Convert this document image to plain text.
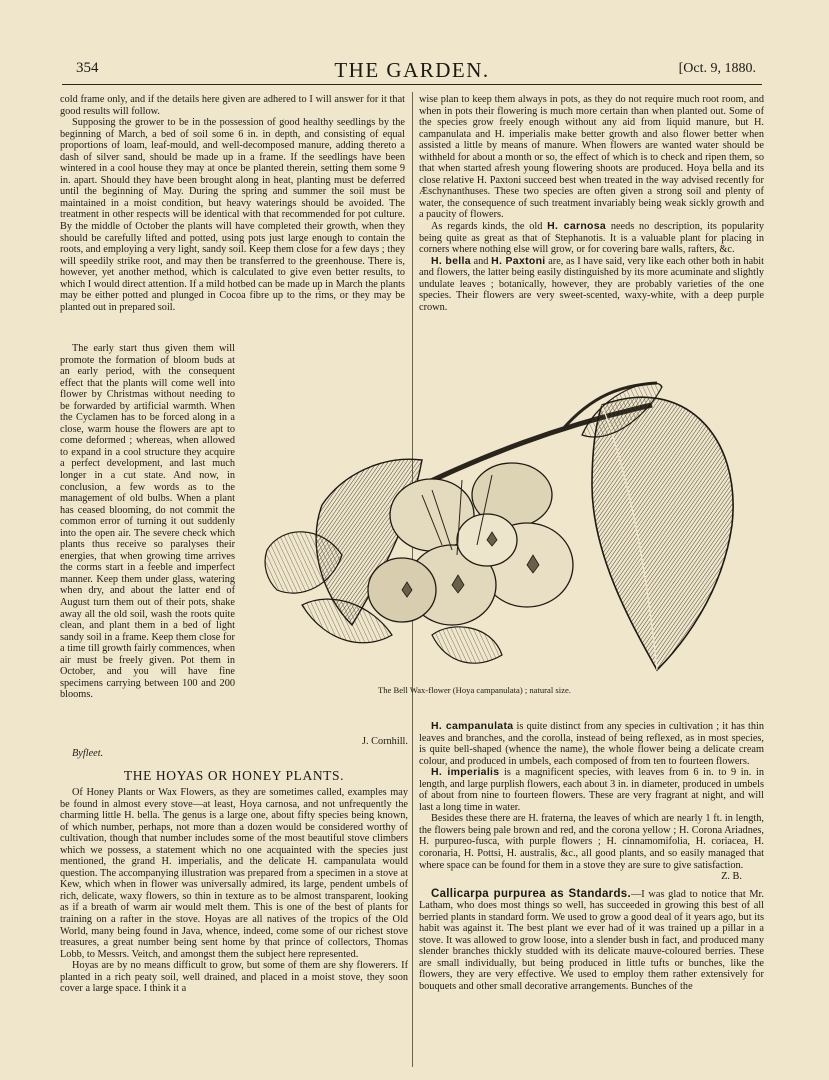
354	THE GARDEN.	[Oct. 9, 1880.

cold frame only, and if the details here given are adhered to I will answer for it that good results will follow.

Supposing the grower to be in the possession of good healthy seedlings by the beginning of March, a bed of soil some 6 in. in depth, and consisting of equal proportions of loam, leaf-mould, and well-decomposed manure, adding thereto a dash of silver sand, should be made up in a frame. If the seedlings have been wintered in a cool house they may at once be planted therein, setting them some 9 in. apart. Should they have been brought along in heat, planting must be deferred until the beginning of May. During the spring and summer the soil must be maintained in a moist condition, but heavy waterings should be avoided. The treatment in other respects will be identical with that recommended for pot culture. By the middle of October the plants will have completed their growth, when they should be carefully lifted and potted, using pots just large enough to contain the roots, and employing a very light, sandy soil. Keep them close for a few days ; they will speedily strike root, and may then be transferred to the greenhouse. There is, however, yet another method, which is calculated to give even better results, to which I would direct attention. If a mild hotbed can be made up in March the plants may be either potted and plunged in Cocoa fibre up to the rims, or they may be planted out in prepared soil.

The early start thus given them will promote the formation of bloom buds at an early period, with the consequent effect that the plants will come well into flower by Christmas without needing to be forwarded by artificial warmth. When the Cyclamen has to be forced along in a close, warm house the flowers are apt to come deformed ; whereas, when allowed to expand in a cool structure they acquire a perfect development, and last much longer in a cut state. And now, in conclusion, a few words as to the management of old bulbs. When a plant has ceased blooming, do not commit the common error of turning it out suddenly into the open air. The severe check which plants thus receive so paralyses their energies, that when growing time arrives the corms start in a feeble and imperfect manner. Keep them under glass, watering when dry, and about the latter end of August turn them out of their pots, shake away all the old soil, wash the roots quite clean, and plant them in a bed of light sandy soil in a frame. Keep them close for a time till growth fairly commences, when air must be freely given. Pot them in October, and you will have fine specimens carrying between 100 and 200 blooms.

J. Cornhill.
Byfleet.
THE HOYAS OR HONEY PLANTS.

Of Honey Plants or Wax Flowers, as they are sometimes called, examples may be found in almost every stove—at least, Hoya carnosa, and not unfrequently the charming little H. bella. The genus is a large one, about fifty species being known, of which number, perhaps, not more than a dozen would be considered worthy of cultivation, though that number includes some of the most beautiful stove climbers which we possess, a statement which no one acquainted with the species just mentioned, the grand H. imperialis, and the delicate H. campanulata would question. The accompanying illustration was prepared from a specimen in a stove at Kew, which when in flower was universally admired, its large, pendent umbels of rich, delicate, waxy flowers, so thin in texture as to be almost transparent, looking as if a breath of warm air would melt them. This is one of the best of plants for training on a rafter in the stove. Hoyas are all natives of the tropics of the Old World, many being found in Java, whence, indeed, come some of our richest stove treasures, a great number being sent home by that prince of collectors, Thomas Lobb, to Messrs. Veitch, and amongst them the subject here represented.

Hoyas are by no means difficult to grow, but some of them are shy flowerers. If planted in a rich peaty soil, well drained, and placed in a moist stove, they soon cover a large space. I think it a

wise plan to keep them always in pots, as they do not require much root room, and when in pots their flowering is much more certain than when planted out. Some of the species grow freely enough without any aid from liquid manure, but H. campanulata and H. imperialis make better growth and also flower better when assisted a little by means of manure. When flowers are wanted water should be withheld for about a month or so, the effect of which is to check and ripen them, so that when started afresh young flowering shoots are produced. Hoya bella and its close relative H. Paxtoni succeed best when treated in the way advised recently for Æschynanthuses. These two species are often given a strong soil and plenty of water, the consequence of such treatment invariably being weak sickly growth and a paucity of flowers.

As regards kinds, the old H. carnosa needs no description, its popularity being quite as great as that of Stephanotis. It is a valuable plant for placing in corners where nothing else will grow, or for covering bare walls, rafters, &c.

H. bella and H. Paxtoni are, as I have said, very like each other both in habit and flowers, the latter being easily distinguished by its more acuminate and slightly undulate leaves ; botanically, however, they are probably varieties of the one species. Their flowers are very sweet-scented, waxy-white, with a deep purple crown.

The Bell Wax-flower (Hoya campanulata) ; natural size.

H. campanulata is quite distinct from any species in cultivation ; it has thin leaves and branches, and the corolla, instead of being reflexed, as in most species, is quite bell-shaped (whence the name), the whole flower being a delicate cream colour, and produced in umbels, each composed of from ten to fourteen flowers.

H. imperialis is a magnificent species, with leaves from 6 in. to 9 in. in length, and large purplish flowers, each about 3 in. in diameter, produced in umbels of about from nine to fourteen flowers. These are very fragrant at night, and will last a long time in water.

Besides these there are H. fraterna, the leaves of which are nearly 1 ft. in length, the flowers being pale brown and red, and the corona yellow ; H. Corona Ariadnes, H. purpureo-fusca, with purple flowers ; H. cinnamomifolia, H. coriacea, H. coronaria, H. Pottsi, H. australis, &c., all good plants, and so easily managed that where space can be found for them in a stove they are sure to give satisfaction.

Z. B.

Callicarpa purpurea as Standards.—I was glad to notice that Mr. Latham, who does most things so well, has succeeded in growing this best of all berried plants in standard form. We used to grow a good deal of it years ago, but its habit was against it. The best plant we ever had of it was trained up a pillar in a stove. It was allowed to grow loose, into a slender bush in fact, and produced many slender branches thickly studded with its delicate mauve-coloured berries. These are small individually, but being produced in little tufts or bunches, like the flowers, they are very effective. We used to employ them rather extensively for bouquets and other small decorative arrangements. Bunches of the
